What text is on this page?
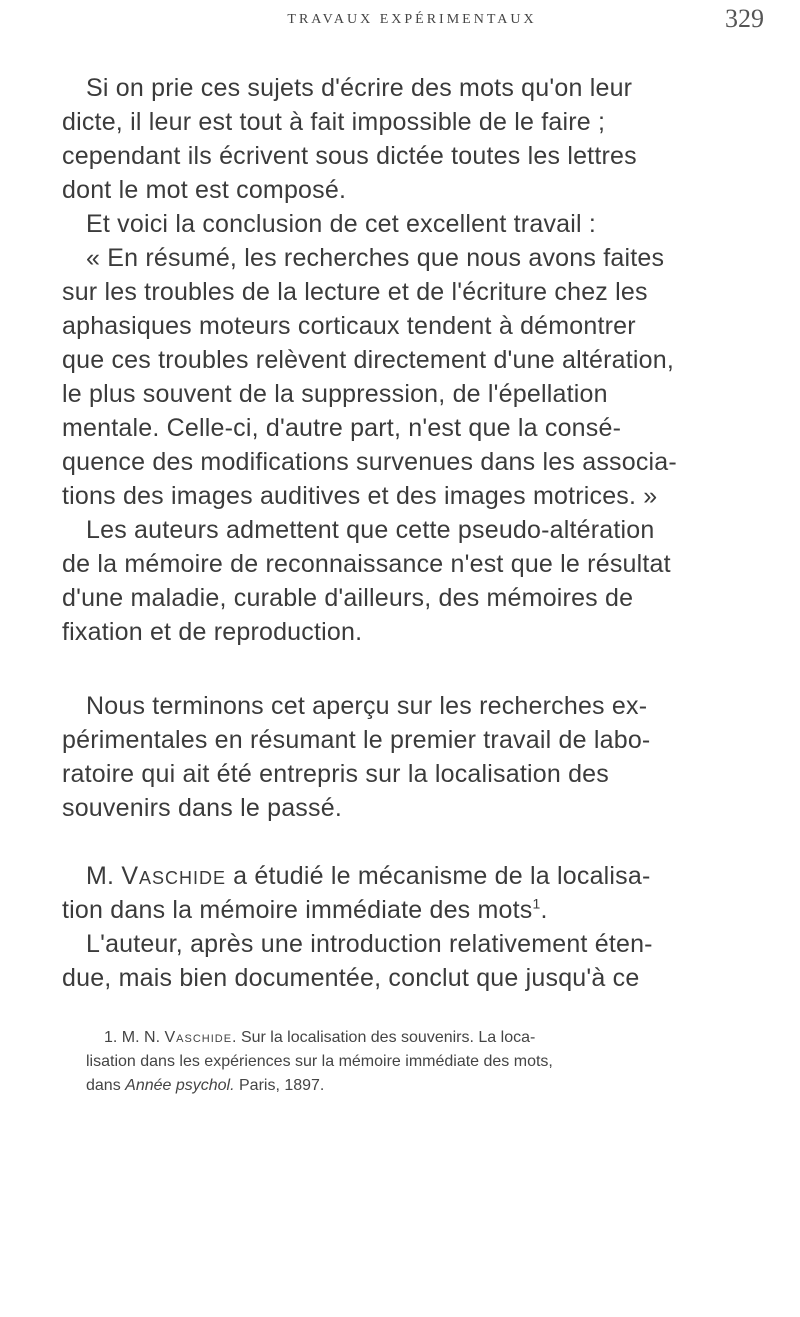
TRAVAUX EXPÉRIMENTAUX	329
Si on prie ces sujets d'écrire des mots qu'on leur
dicte, il leur est tout à fait impossible de le faire ;
cependant ils écrivent sous dictée toutes les lettres
dont le mot est composé.
Et voici la conclusion de cet excellent travail :
« En résumé, les recherches que nous avons faites
sur les troubles de la lecture et de l'écriture chez les
aphasiques moteurs corticaux tendent à démontrer
que ces troubles relèvent directement d'une altération,
le plus souvent de la suppression, de l'épellation
mentale. Celle-ci, d'autre part, n'est que la consé-
quence des modifications survenues dans les associa-
tions des images auditives et des images motrices. »
Les auteurs admettent que cette pseudo-altération
de la mémoire de reconnaissance n'est que le résultat
d'une maladie, curable d'ailleurs, des mémoires de
fixation et de reproduction.
Nous terminons cet aperçu sur les recherches ex-
périmentales en résumant le premier travail de labo-
ratoire qui ait été entrepris sur la localisation des
souvenirs dans le passé.
M. Vaschide a étudié le mécanisme de la localisa-
tion dans la mémoire immédiate des mots$^1$.
L'auteur, après une introduction relativement éten-
due, mais bien documentée, conclut que jusqu'à ce
1. M. N. Vaschide. Sur la localisation des souvenirs. La loca-
lisation dans les expériences sur la mémoire immédiate des mots,
dans Année psychol. Paris, 1897.
